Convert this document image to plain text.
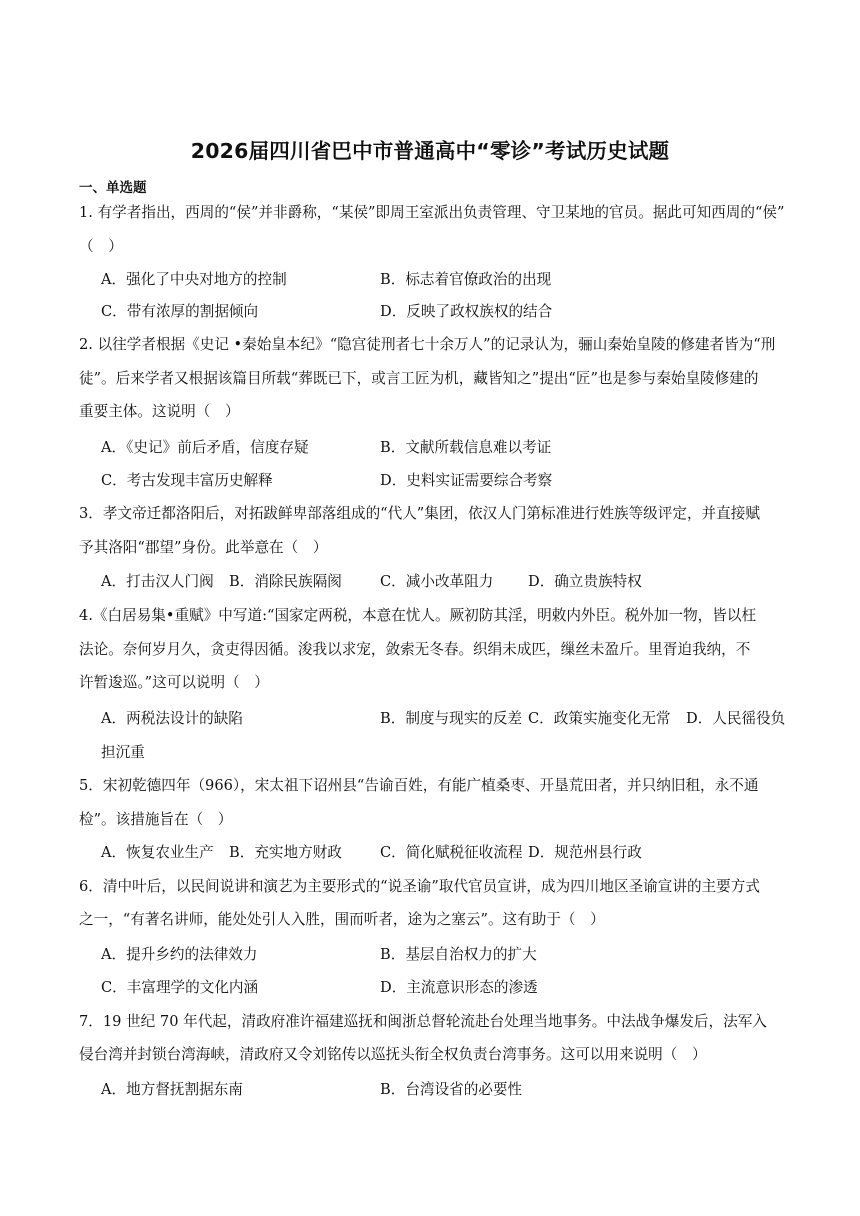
2026届四川省巴中市普通高中“零诊”考试历史试题
一、单选题
1. 有学者指出，西周的“侯”并非爵称，“某侯”即周王室派出负责管理、守卫某地的官员。据此可知西周的“侯”
（　）
A．强化了中央对地方的控制	B．标志着官僚政治的出现
C．带有浓厚的割据倾向	D．反映了政权族权的结合
2. 以往学者根据《史记 •秦始皇本纪》“隐宫徒刑者七十余万人”的记录认为，骊山秦始皇陵的修建者皆为“刑
徒”。后来学者又根据该篇目所载“葬既已下，或言工匠为机，藏皆知之”提出“匠”也是参与秦始皇陵修建的
重要主体。这说明（　）
A．《史记》前后矛盾，信度存疑	B．文献所载信息难以考证
C．考古发现丰富历史解释	D．史料实证需要综合考察
3．孝文帝迁都洛阳后，对拓跋鲜卑部落组成的“代人”集团，依汉人门第标准进行姓族等级评定，并直接赋
予其洛阳“郡望”身份。此举意在（　）
A．打击汉人门阀 B．消除民族隔阂	C．减小改革阻力 D．确立贵族特权
4.《白居易集•重赋》中写道:“国家定两税，本意在忧人。厥初防其淫，明敕内外臣。税外加一物，皆以枉
法论。奈何岁月久，贪吏得因循。浚我以求宠，敛索无冬春。织绢未成匹，缫丝未盈斤。里胥迫我纳，不
许暂逡巡。”这可以说明（　）
A．两税法设计的缺陷	B．制度与现实的反差 C．政策实施变化无常 D．人民徭役负
担沉重
5．宋初乾德四年（966），宋太祖下诏州县“告谕百姓，有能广植桑枣、开垦荒田者，并只纳旧租，永不通
检”。该措施旨在（　）
A．恢复农业生产 B．充实地方财政	C．简化赋税征收流程 D．规范州县行政
6．清中叶后，以民间说讲和演艺为主要形式的“说圣谕”取代官员宣讲，成为四川地区圣谕宣讲的主要方式
之一，“有著名讲师，能处处引人入胜，围而听者，途为之塞云”。这有助于（　）
A．提升乡约的法律效力	B．基层自治权力的扩大
C．丰富理学的文化内涵	D．主流意识形态的渗透
7．19 世纪 70 年代起，清政府准许福建巡抚和闽浙总督轮流赴台处理当地事务。中法战争爆发后，法军入
侵台湾并封锁台湾海峡，清政府又令刘铭传以巡抚头衔全权负责台湾事务。这可以用来说明（　）
A．地方督抚割据东南	B．台湾设省的必要性
